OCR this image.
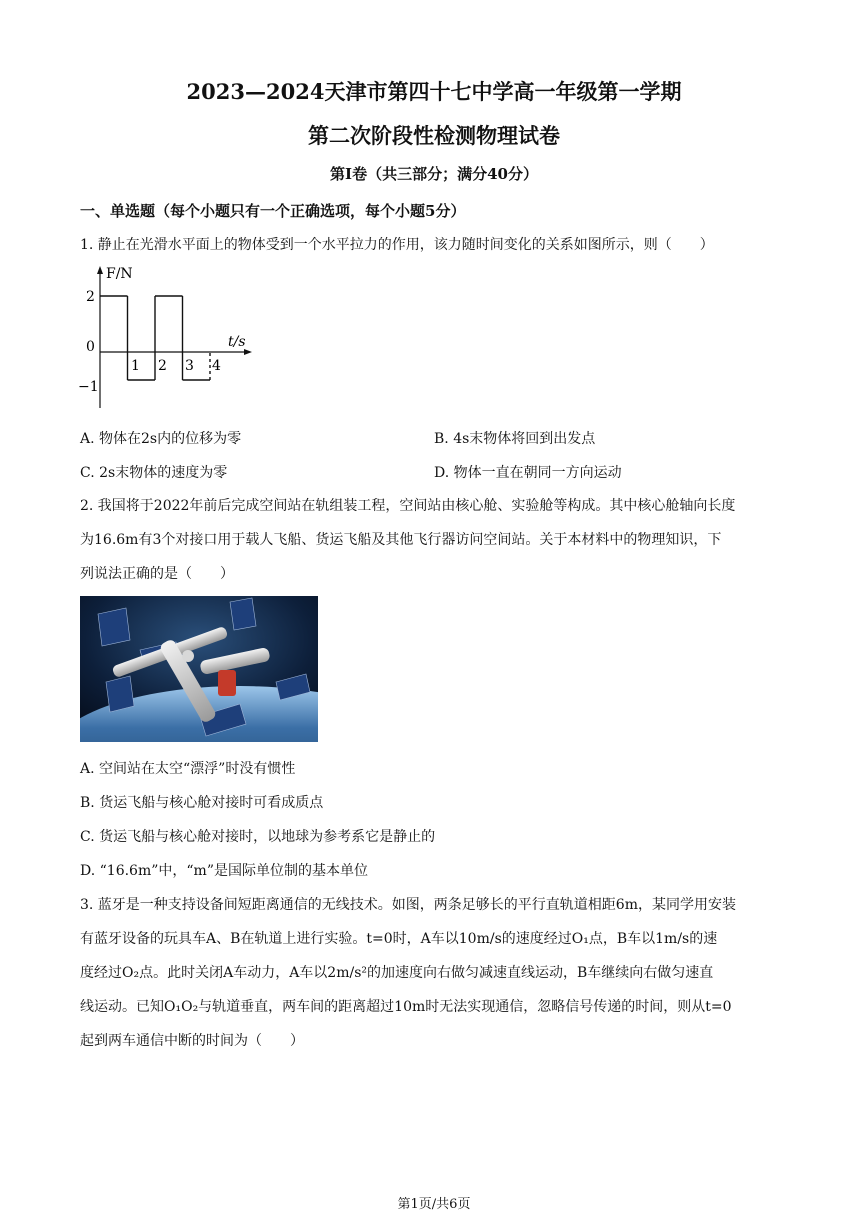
2023—2024天津市第四十七中学高一年级第一学期
第二次阶段性检测物理试卷
第I卷（共三部分；满分40分）
一、单选题（每个小题只有一个正确选项，每个小题5分）
1. 静止在光滑水平面上的物体受到一个水平拉力的作用，该力随时间变化的关系如图所示，则（　　）
F/N
t/s
2
0
−1
1 2 3 4
A. 物体在2s内的位移为零	B. 4s末物体将回到出发点
C. 2s末物体的速度为零	D. 物体一直在朝同一方向运动
2. 我国将于2022年前后完成空间站在轨组装工程，空间站由核心舱、实验舱等构成。其中核心舱轴向长度
为16.6m有3个对接口用于载人飞船、货运飞船及其他飞行器访问空间站。关于本材料中的物理知识，下
列说法正确的是（　　）
A. 空间站在太空“漂浮”时没有惯性
B. 货运飞船与核心舱对接时可看成质点
C. 货运飞船与核心舱对接时，以地球为参考系它是静止的
D. “16.6m”中，“m”是国际单位制的基本单位
3. 蓝牙是一种支持设备间短距离通信的无线技术。如图，两条足够长的平行直轨道相距6m，某同学用安装
有蓝牙设备的玩具车A、B在轨道上进行实验。t=0时，A车以10m/s的速度经过O₁点，B车以1m/s的速
度经过O₂点。此时关闭A车动力，A车以2m/s²的加速度向右做匀减速直线运动，B车继续向右做匀速直
线运动。已知O₁O₂与轨道垂直，两车间的距离超过10m时无法实现通信，忽略信号传递的时间，则从t=0
起到两车通信中断的时间为（　　）
第1页/共6页
